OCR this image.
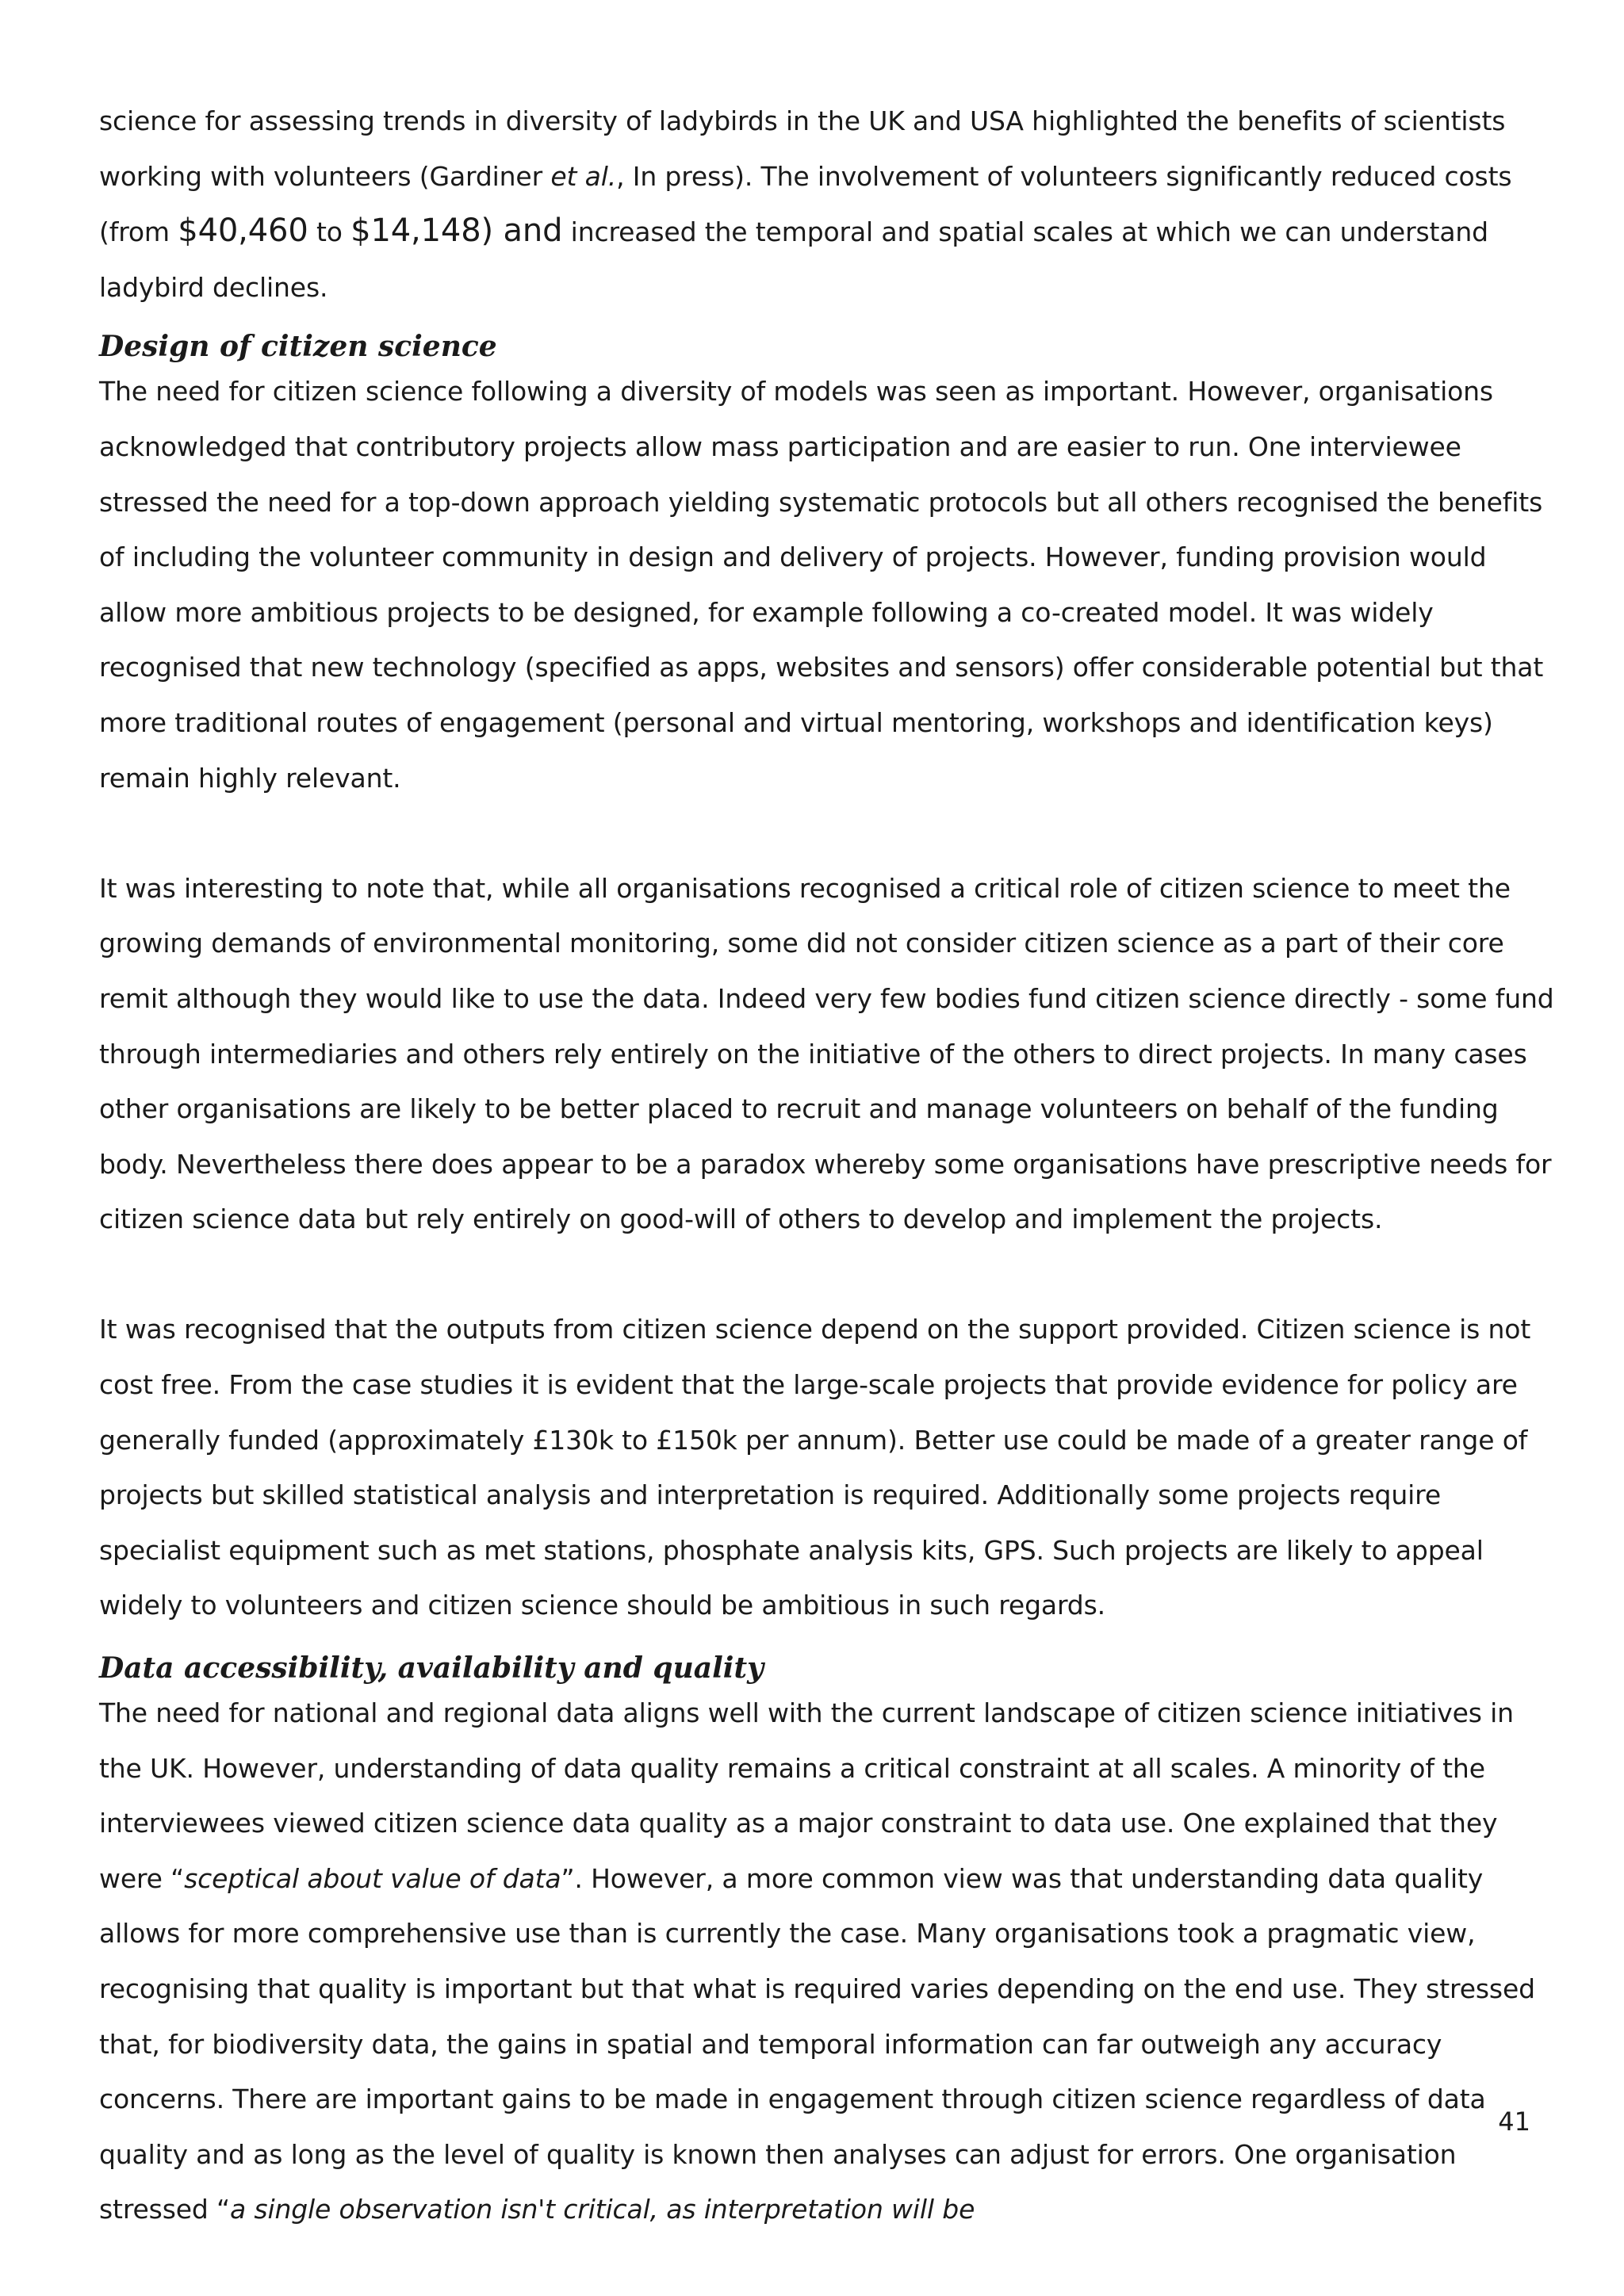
science for assessing trends in diversity of ladybirds in the UK and USA highlighted the benefits of scientists working with volunteers (Gardiner et al., In press). The involvement of volunteers significantly reduced costs (from $40,460 to $14,148) and increased the temporal and spatial scales at which we can understand ladybird declines.

Design of citizen science

The need for citizen science following a diversity of models was seen as important. However, organisations acknowledged that contributory projects allow mass participation and are easier to run. One interviewee stressed the need for a top-down approach yielding systematic protocols but all others recognised the benefits of including the volunteer community in design and delivery of projects. However, funding provision would allow more ambitious projects to be designed, for example following a co-created model. It was widely recognised that new technology (specified as apps, websites and sensors) offer considerable potential but that more traditional routes of engagement (personal and virtual mentoring, workshops and identification keys) remain highly relevant.

It was interesting to note that, while all organisations recognised a critical role of citizen science to meet the growing demands of environmental monitoring, some did not consider citizen science as a part of their core remit although they would like to use the data. Indeed very few bodies fund citizen science directly - some fund through intermediaries and others rely entirely on the initiative of the others to direct projects. In many cases other organisations are likely to be better placed to recruit and manage volunteers on behalf of the funding body. Nevertheless there does appear to be a paradox whereby some organisations have prescriptive needs for citizen science data but rely entirely on good-will of others to develop and implement the projects.

It was recognised that the outputs from citizen science depend on the support provided. Citizen science is not cost free. From the case studies it is evident that the large-scale projects that provide evidence for policy are generally funded (approximately £130k to £150k per annum). Better use could be made of a greater range of projects but skilled statistical analysis and interpretation is required. Additionally some projects require specialist equipment such as met stations, phosphate analysis kits, GPS. Such projects are likely to appeal widely to volunteers and citizen science should be ambitious in such regards.

Data accessibility, availability and quality

The need for national and regional data aligns well with the current landscape of citizen science initiatives in the UK. However, understanding of data quality remains a critical constraint at all scales. A minority of the interviewees viewed citizen science data quality as a major constraint to data use. One explained that they were “sceptical about value of data”. However, a more common view was that understanding data quality allows for more comprehensive use than is currently the case. Many organisations took a pragmatic view, recognising that quality is important but that what is required varies depending on the end use. They stressed that, for biodiversity data, the gains in spatial and temporal information can far outweigh any accuracy concerns. There are important gains to be made in engagement through citizen science regardless of data quality and as long as the level of quality is known then analyses can adjust for errors. One organisation stressed “a single observation isn't critical, as interpretation will be

41
